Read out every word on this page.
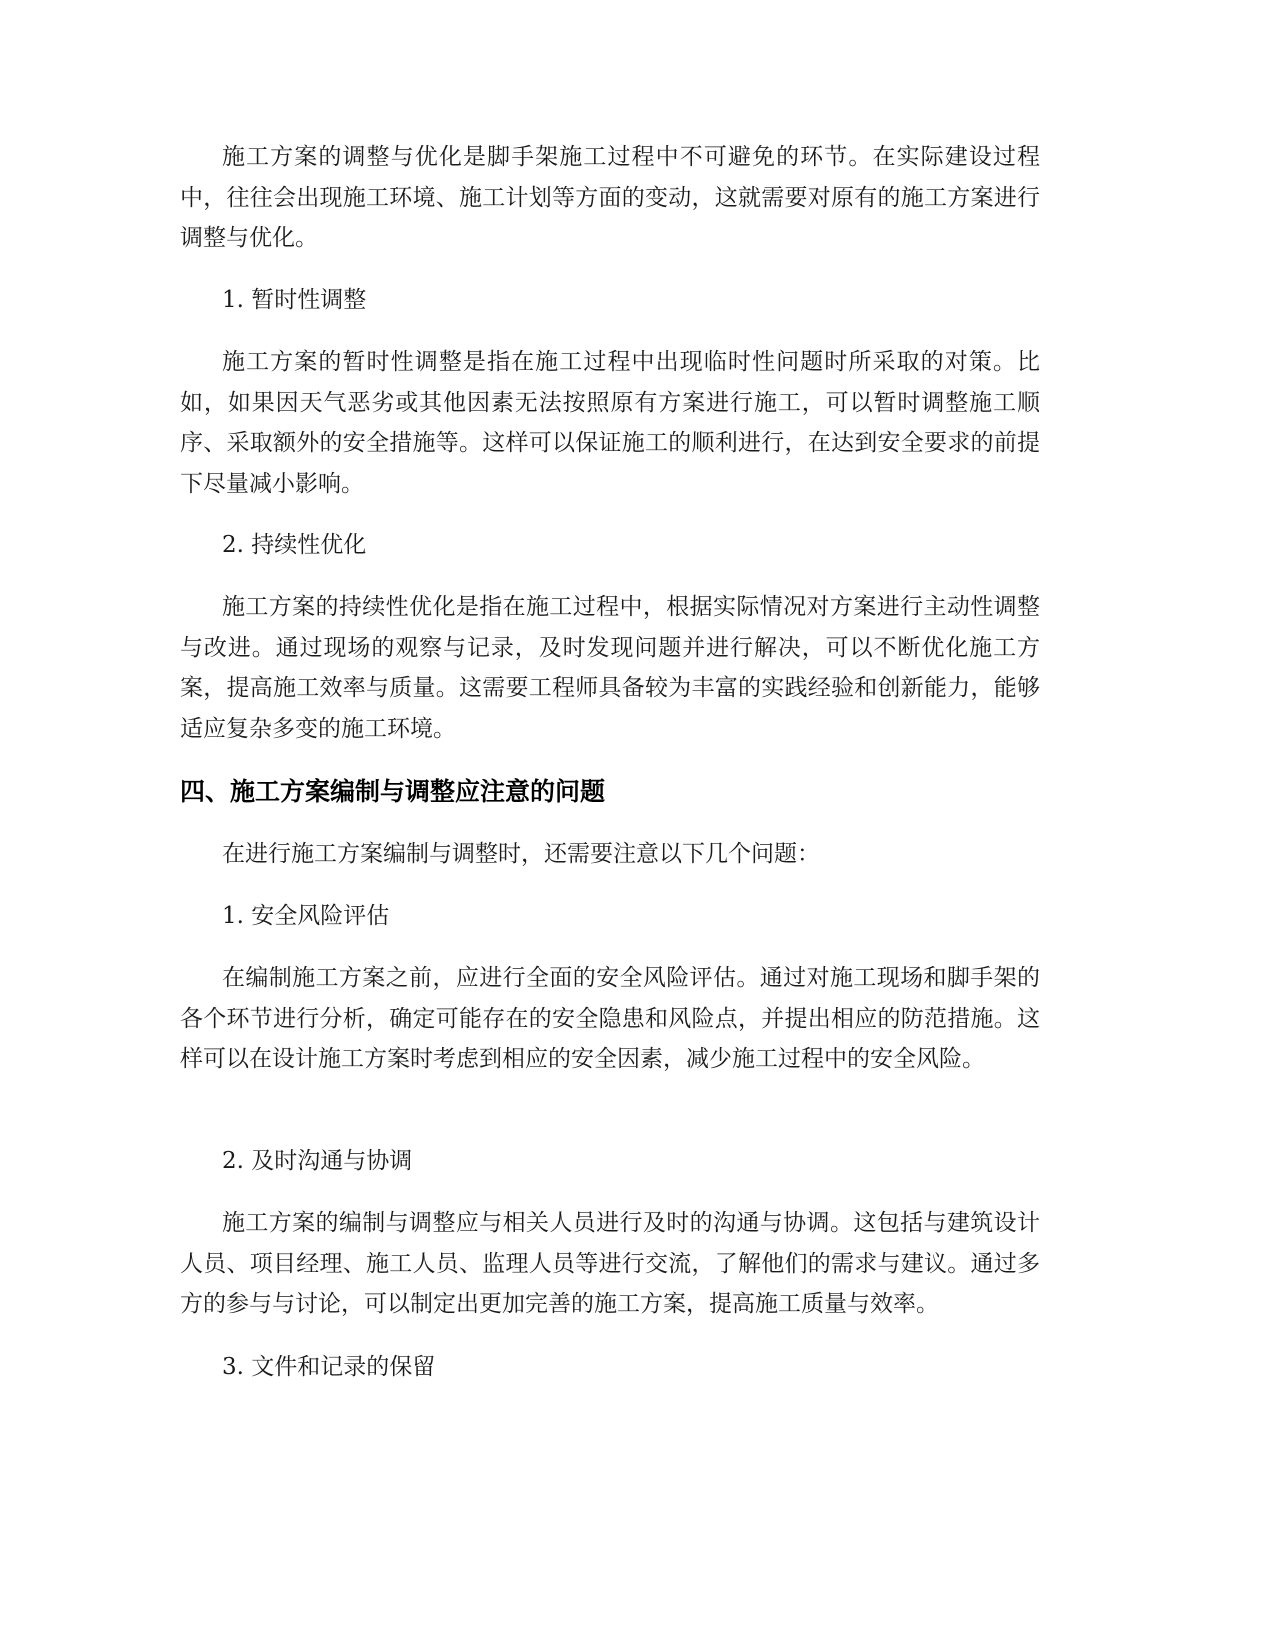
施工方案的调整与优化是脚手架施工过程中不可避免的环节。在实际建设过程中，往往会出现施工环境、施工计划等方面的变动，这就需要对原有的施工方案进行调整与优化。

1. 暂时性调整

施工方案的暂时性调整是指在施工过程中出现临时性问题时所采取的对策。比如，如果因天气恶劣或其他因素无法按照原有方案进行施工，可以暂时调整施工顺序、采取额外的安全措施等。这样可以保证施工的顺利进行，在达到安全要求的前提下尽量减小影响。

2. 持续性优化

施工方案的持续性优化是指在施工过程中，根据实际情况对方案进行主动性调整与改进。通过现场的观察与记录，及时发现问题并进行解决，可以不断优化施工方案，提高施工效率与质量。这需要工程师具备较为丰富的实践经验和创新能力，能够适应复杂多变的施工环境。

四、施工方案编制与调整应注意的问题

在进行施工方案编制与调整时，还需要注意以下几个问题：

1. 安全风险评估

在编制施工方案之前，应进行全面的安全风险评估。通过对施工现场和脚手架的各个环节进行分析，确定可能存在的安全隐患和风险点，并提出相应的防范措施。这样可以在设计施工方案时考虑到相应的安全因素，减少施工过程中的安全风险。

2. 及时沟通与协调

施工方案的编制与调整应与相关人员进行及时的沟通与协调。这包括与建筑设计人员、项目经理、施工人员、监理人员等进行交流，了解他们的需求与建议。通过多方的参与与讨论，可以制定出更加完善的施工方案，提高施工质量与效率。

3. 文件和记录的保留
